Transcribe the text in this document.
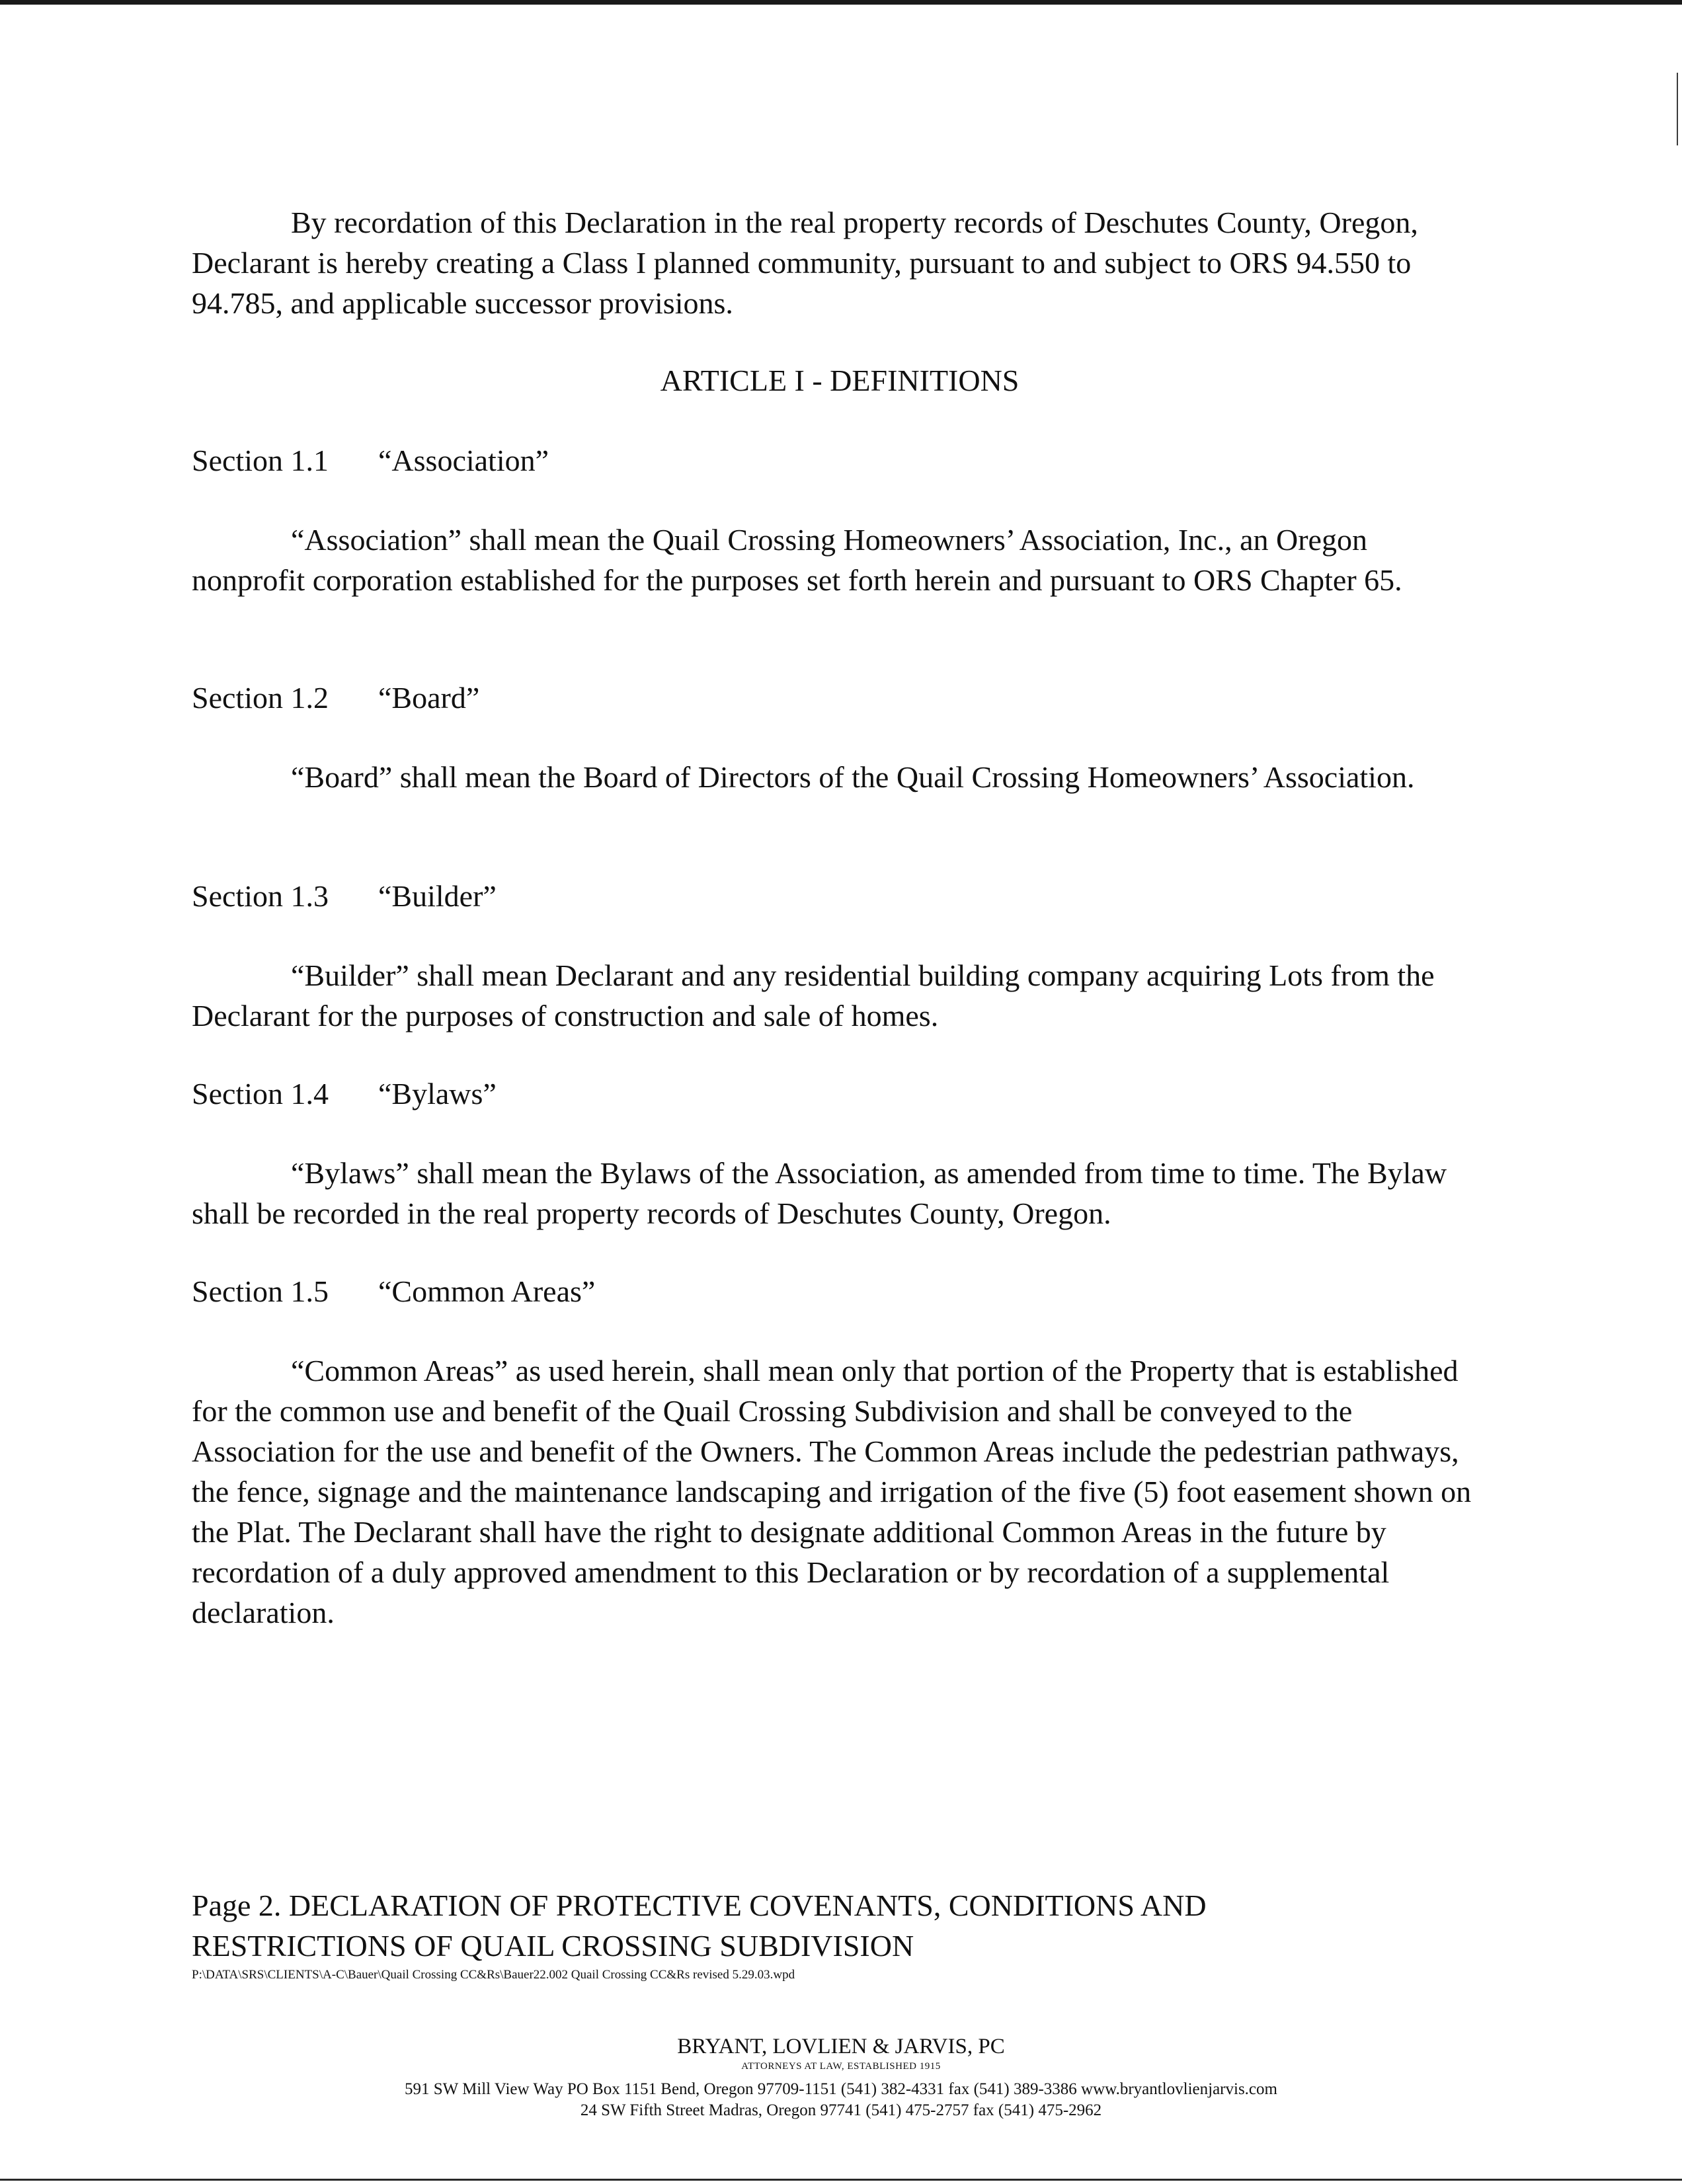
By recordation of this Declaration in the real property records of Deschutes County, Oregon, Declarant is hereby creating a Class I planned community, pursuant to and subject to ORS 94.550 to 94.785, and applicable successor provisions.

ARTICLE I - DEFINITIONS

Section 1.1 “Association”

“Association” shall mean the Quail Crossing Homeowners’ Association, Inc., an Oregon nonprofit corporation established for the purposes set forth herein and pursuant to ORS Chapter 65.

Section 1.2 “Board”

“Board” shall mean the Board of Directors of the Quail Crossing Homeowners’ Association.

Section 1.3 “Builder”

“Builder” shall mean Declarant and any residential building company acquiring Lots from the Declarant for the purposes of construction and sale of homes.

Section 1.4 “Bylaws”

“Bylaws” shall mean the Bylaws of the Association, as amended from time to time. The Bylaw shall be recorded in the real property records of Deschutes County, Oregon.

Section 1.5 “Common Areas”

“Common Areas” as used herein, shall mean only that portion of the Property that is established for the common use and benefit of the Quail Crossing Subdivision and shall be conveyed to the Association for the use and benefit of the Owners. The Common Areas include the pedestrian pathways, the fence, signage and the maintenance landscaping and irrigation of the five (5) foot easement shown on the Plat. The Declarant shall have the right to designate additional Common Areas in the future by recordation of a duly approved amendment to this Declaration or by recordation of a supplemental declaration.

Page 2. DECLARATION OF PROTECTIVE COVENANTS, CONDITIONS AND
RESTRICTIONS OF QUAIL CROSSING SUBDIVISION
P:\DATA\SRS\CLIENTS\A-C\Bauer\Quail Crossing CC&Rs\Bauer22.002 Quail Crossing CC&Rs revised 5.29.03.wpd
BRYANT, LOVLIEN & JARVIS, PC
ATTORNEYS AT LAW, ESTABLISHED 1915
591 SW Mill View Way PO Box 1151 Bend, Oregon 97709-1151 (541) 382-4331 fax (541) 389-3386 www.bryantlovlienjarvis.com
24 SW Fifth Street Madras, Oregon 97741 (541) 475-2757 fax (541) 475-2962
